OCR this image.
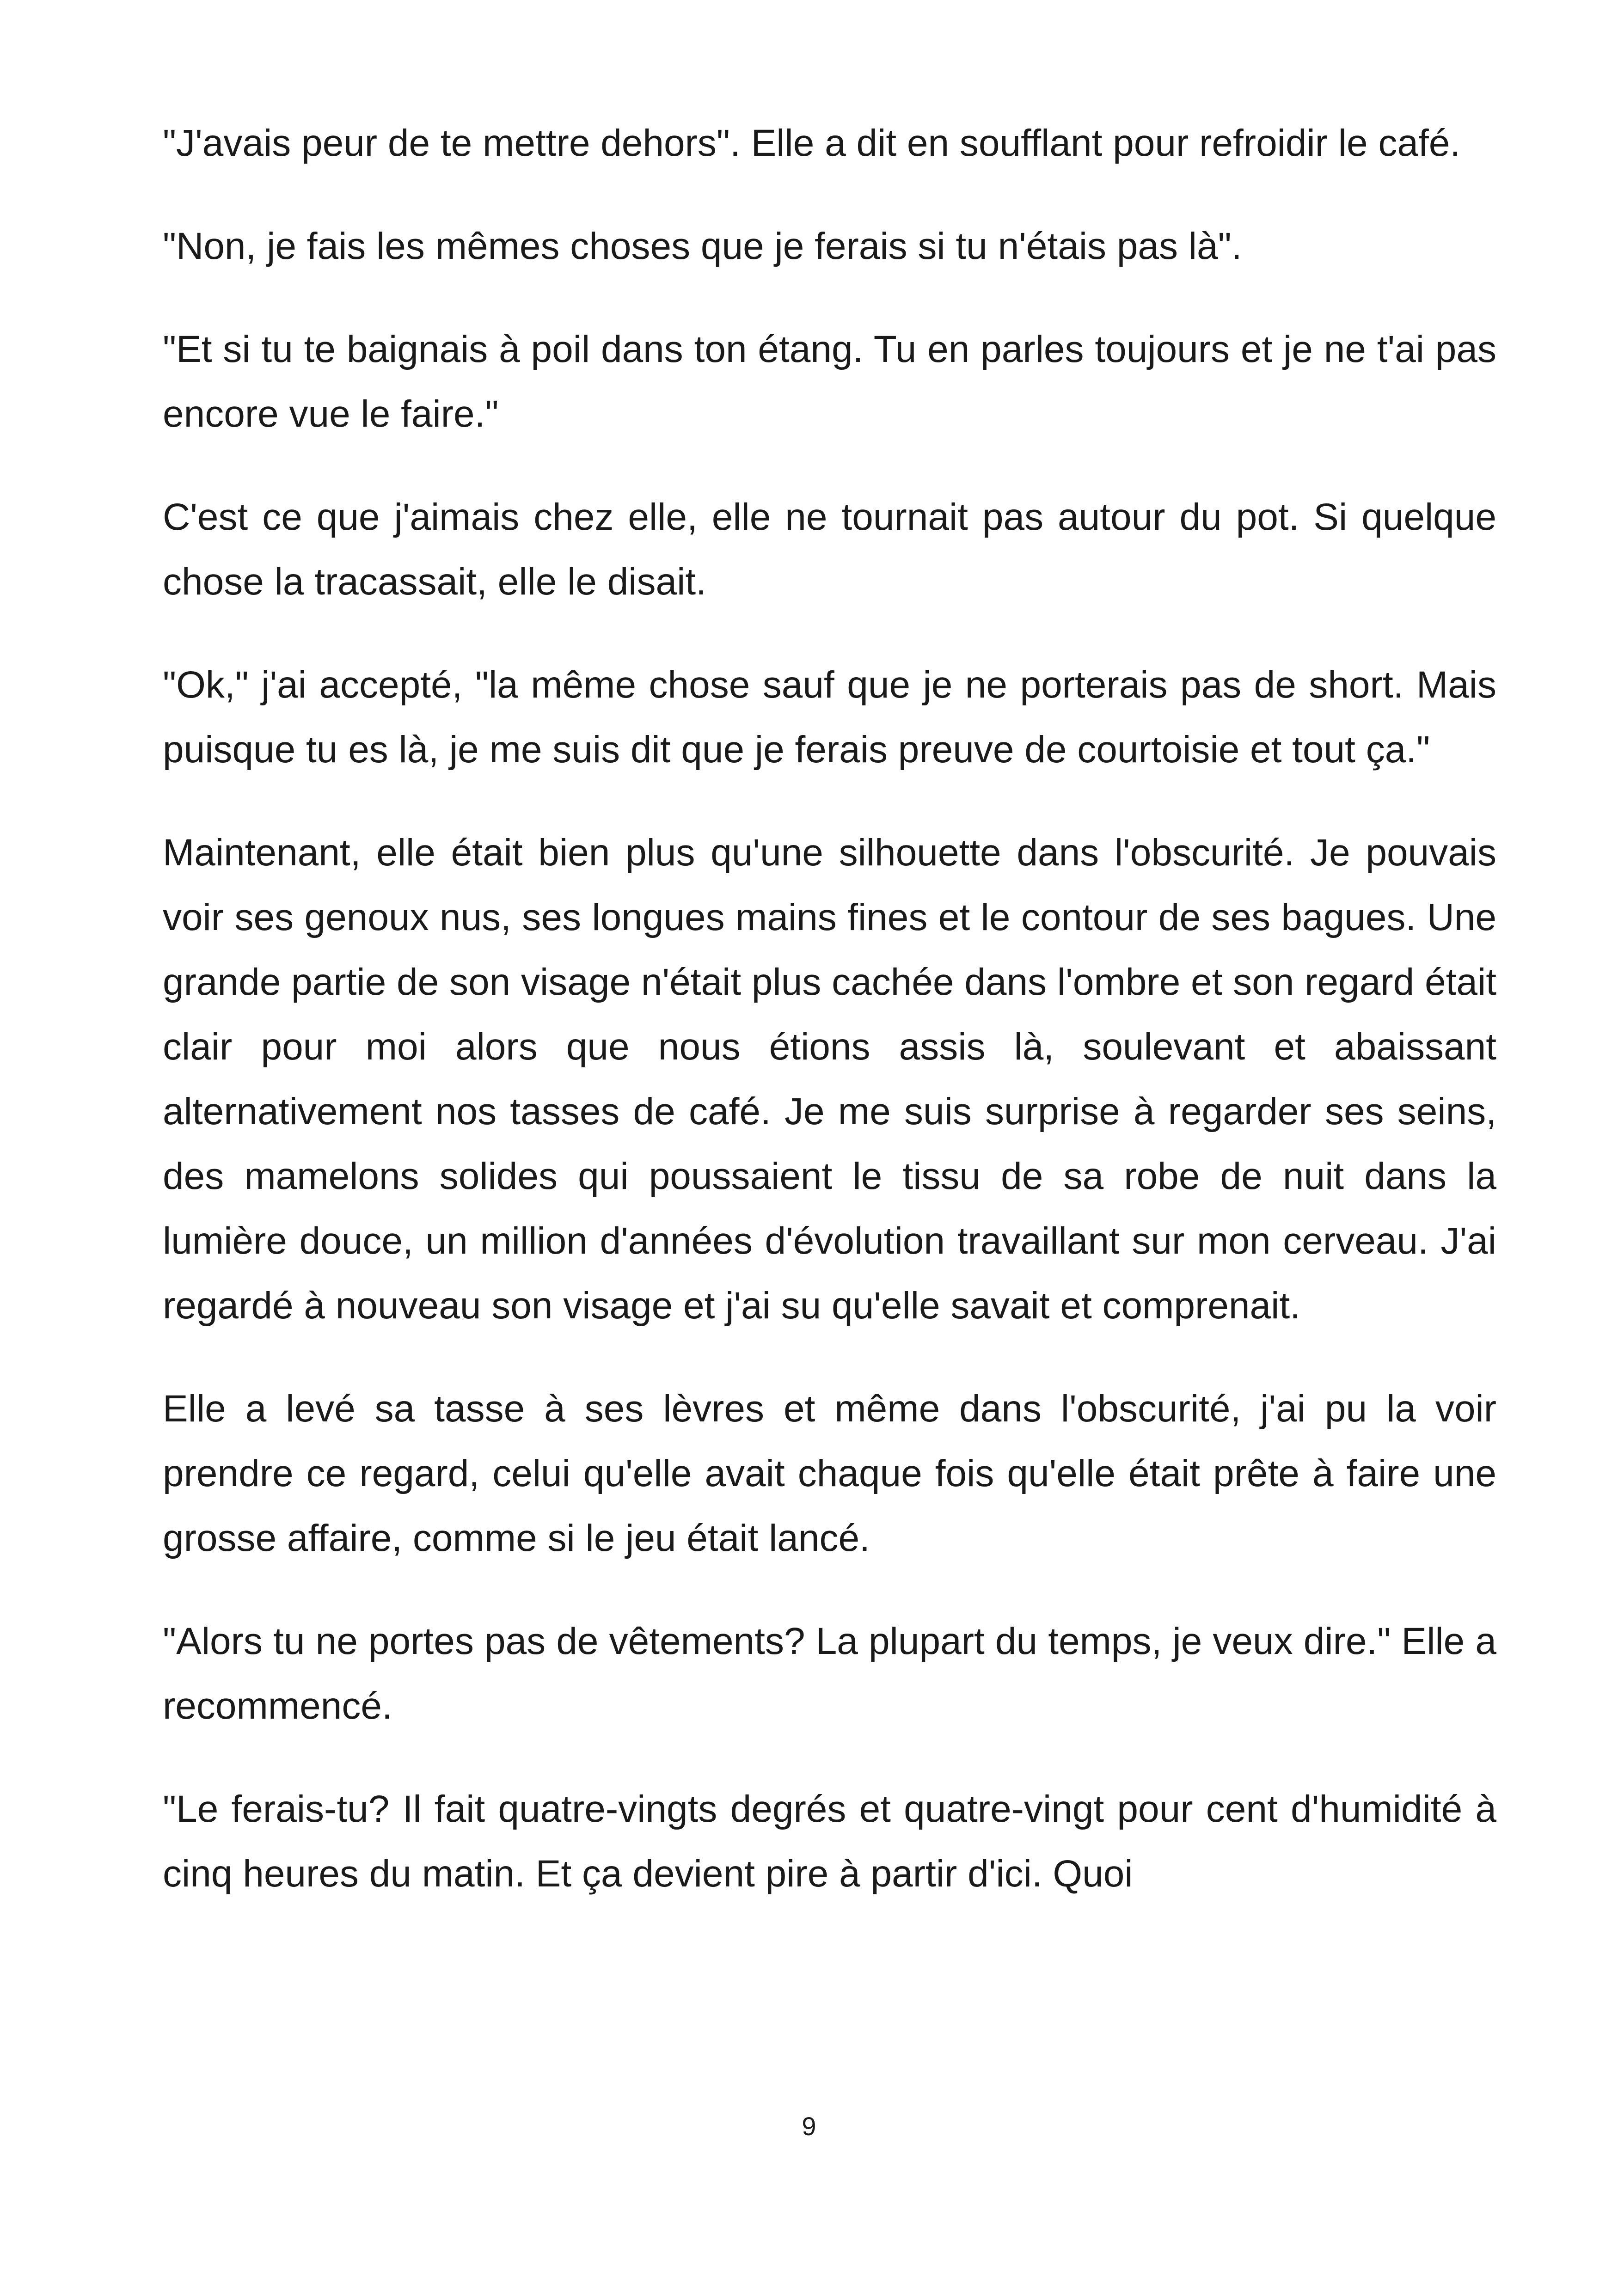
"J'avais peur de te mettre dehors". Elle a dit en soufflant pour refroidir le café.

"Non, je fais les mêmes choses que je ferais si tu n'étais pas là".

"Et si tu te baignais à poil dans ton étang. Tu en parles toujours et je ne t'ai pas encore vue le faire."

C'est ce que j'aimais chez elle, elle ne tournait pas autour du pot. Si quelque chose la tracassait, elle le disait.

"Ok," j'ai accepté, "la même chose sauf que je ne porterais pas de short. Mais puisque tu es là, je me suis dit que je ferais preuve de courtoisie et tout ça."

Maintenant, elle était bien plus qu'une silhouette dans l'obscurité. Je pouvais voir ses genoux nus, ses longues mains fines et le contour de ses bagues. Une grande partie de son visage n'était plus cachée dans l'ombre et son regard était clair pour moi alors que nous étions assis là, soulevant et abaissant alternativement nos tasses de café. Je me suis surprise à regarder ses seins, des mamelons solides qui poussaient le tissu de sa robe de nuit dans la lumière douce, un million d'années d'évolution travaillant sur mon cerveau. J'ai regardé à nouveau son visage et j'ai su qu'elle savait et comprenait.

Elle a levé sa tasse à ses lèvres et même dans l'obscurité, j'ai pu la voir prendre ce regard, celui qu'elle avait chaque fois qu'elle était prête à faire une grosse affaire, comme si le jeu était lancé.

"Alors tu ne portes pas de vêtements? La plupart du temps, je veux dire." Elle a recommencé.

"Le ferais-tu? Il fait quatre-vingts degrés et quatre-vingt pour cent d'humidité à cinq heures du matin. Et ça devient pire à partir d'ici. Quoi

9
